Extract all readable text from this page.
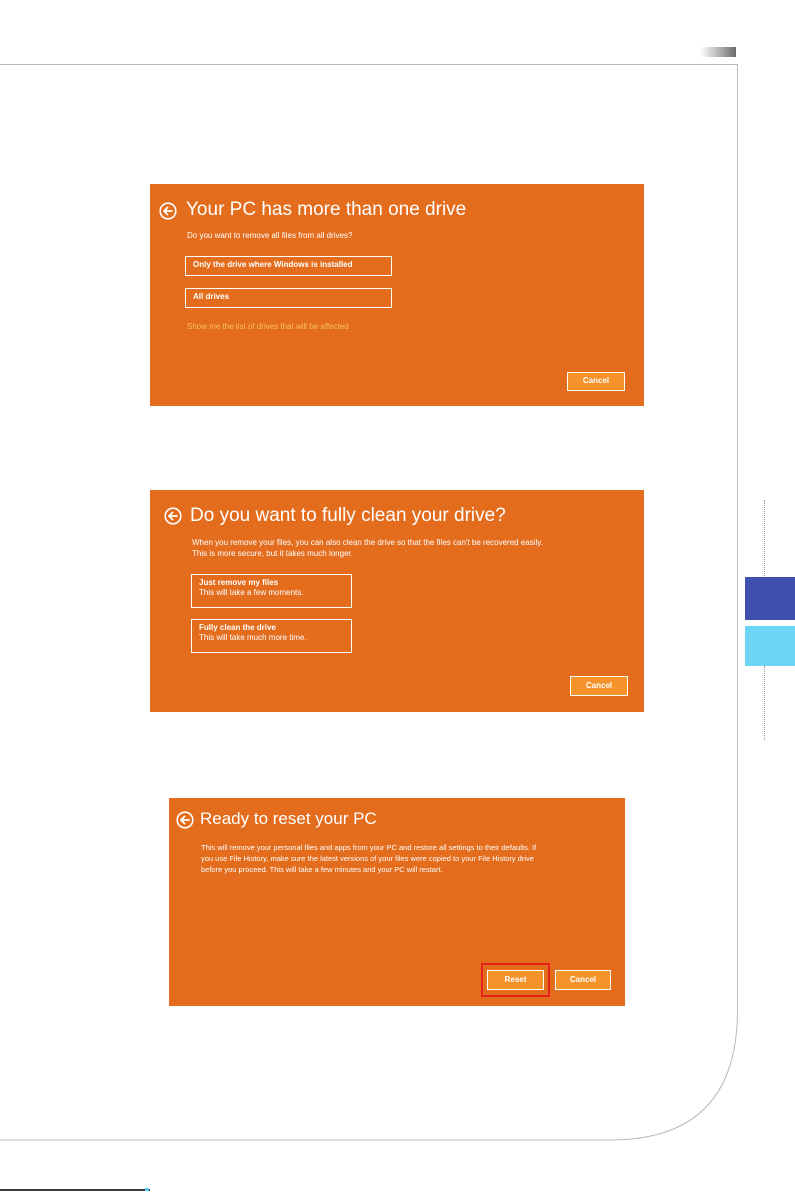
Your PC has more than one drive
Do you want to remove all files from all drives?
Only the drive where Windows is installed
All drives
Show me the list of drives that will be affected
Cancel
Do you want to fully clean your drive?
When you remove your files, you can also clean the drive so that the files can't be recovered easily.
This is more secure, but it takes much longer.
Just remove my files
This will take a few moments.
Fully clean the drive
This will take much more time.
Cancel
Ready to reset your PC
This will remove your personal files and apps from your PC and restore all settings to their defaults. If
you use File History, make sure the latest versions of your files were copied to your File History drive
before you proceed. This will take a few minutes and your PC will restart.
Reset	Cancel
